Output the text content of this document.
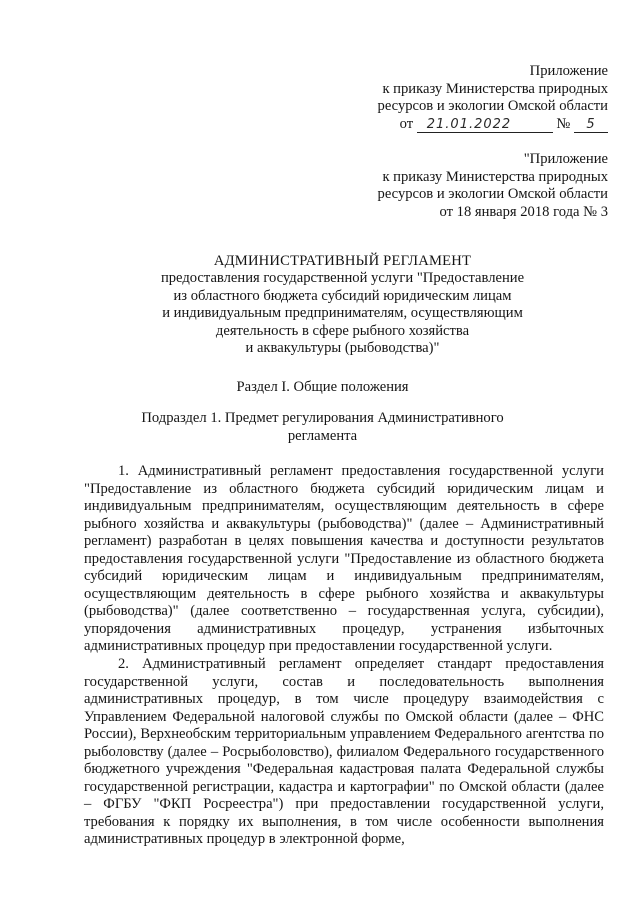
Приложение
к приказу Министерства природных
ресурсов и экологии Омской области
от 21.01.2022	№ 5
"Приложение
к приказу Министерства природных
ресурсов и экологии Омской области
от 18 января 2018 года № 3
АДМИНИСТРАТИВНЫЙ РЕГЛАМЕНТ
предоставления государственной услуги "Предоставление
из областного бюджета субсидий юридическим лицам
и индивидуальным предпринимателям, осуществляющим
деятельность в сфере рыбного хозяйства
и аквакультуры (рыбоводства)"
Раздел I. Общие положения
Подраздел 1. Предмет регулирования Административного
регламента

1. Административный регламент предоставления государственной услуги "Предоставление из областного бюджета субсидий юридическим лицам и индивидуальным предпринимателям, осуществляющим деятельность в сфере рыбного хозяйства и аквакультуры (рыбоводства)" (далее – Административный регламент) разработан в целях повышения качества и доступности результатов предоставления государственной услуги "Предоставление из областного бюджета субсидий юридическим лицам и индивидуальным предпринимателям, осуществляющим деятельность в сфере рыбного хозяйства и аквакультуры (рыбоводства)" (далее соответственно – государственная услуга, субсидии), упорядочения административных процедур, устранения избыточных административных процедур при предоставлении государственной услуги.

2. Административный регламент определяет стандарт предоставления государственной услуги, состав и последовательность выполнения административных процедур, в том числе процедуру взаимодействия с Управлением Федеральной налоговой службы по Омской области (далее – ФНС России), Верхнеобским территориальным управлением Федерального агентства по рыболовству (далее – Росрыболовство), филиалом Федерального государственного бюджетного учреждения "Федеральная кадастровая палата Федеральной службы государственной регистрации, кадастра и картографии" по Омской области (далее – ФГБУ "ФКП Росреестра") при предоставлении государственной услуги, требования к порядку их выполнения, в том числе особенности выполнения административных процедур в электронной форме,
